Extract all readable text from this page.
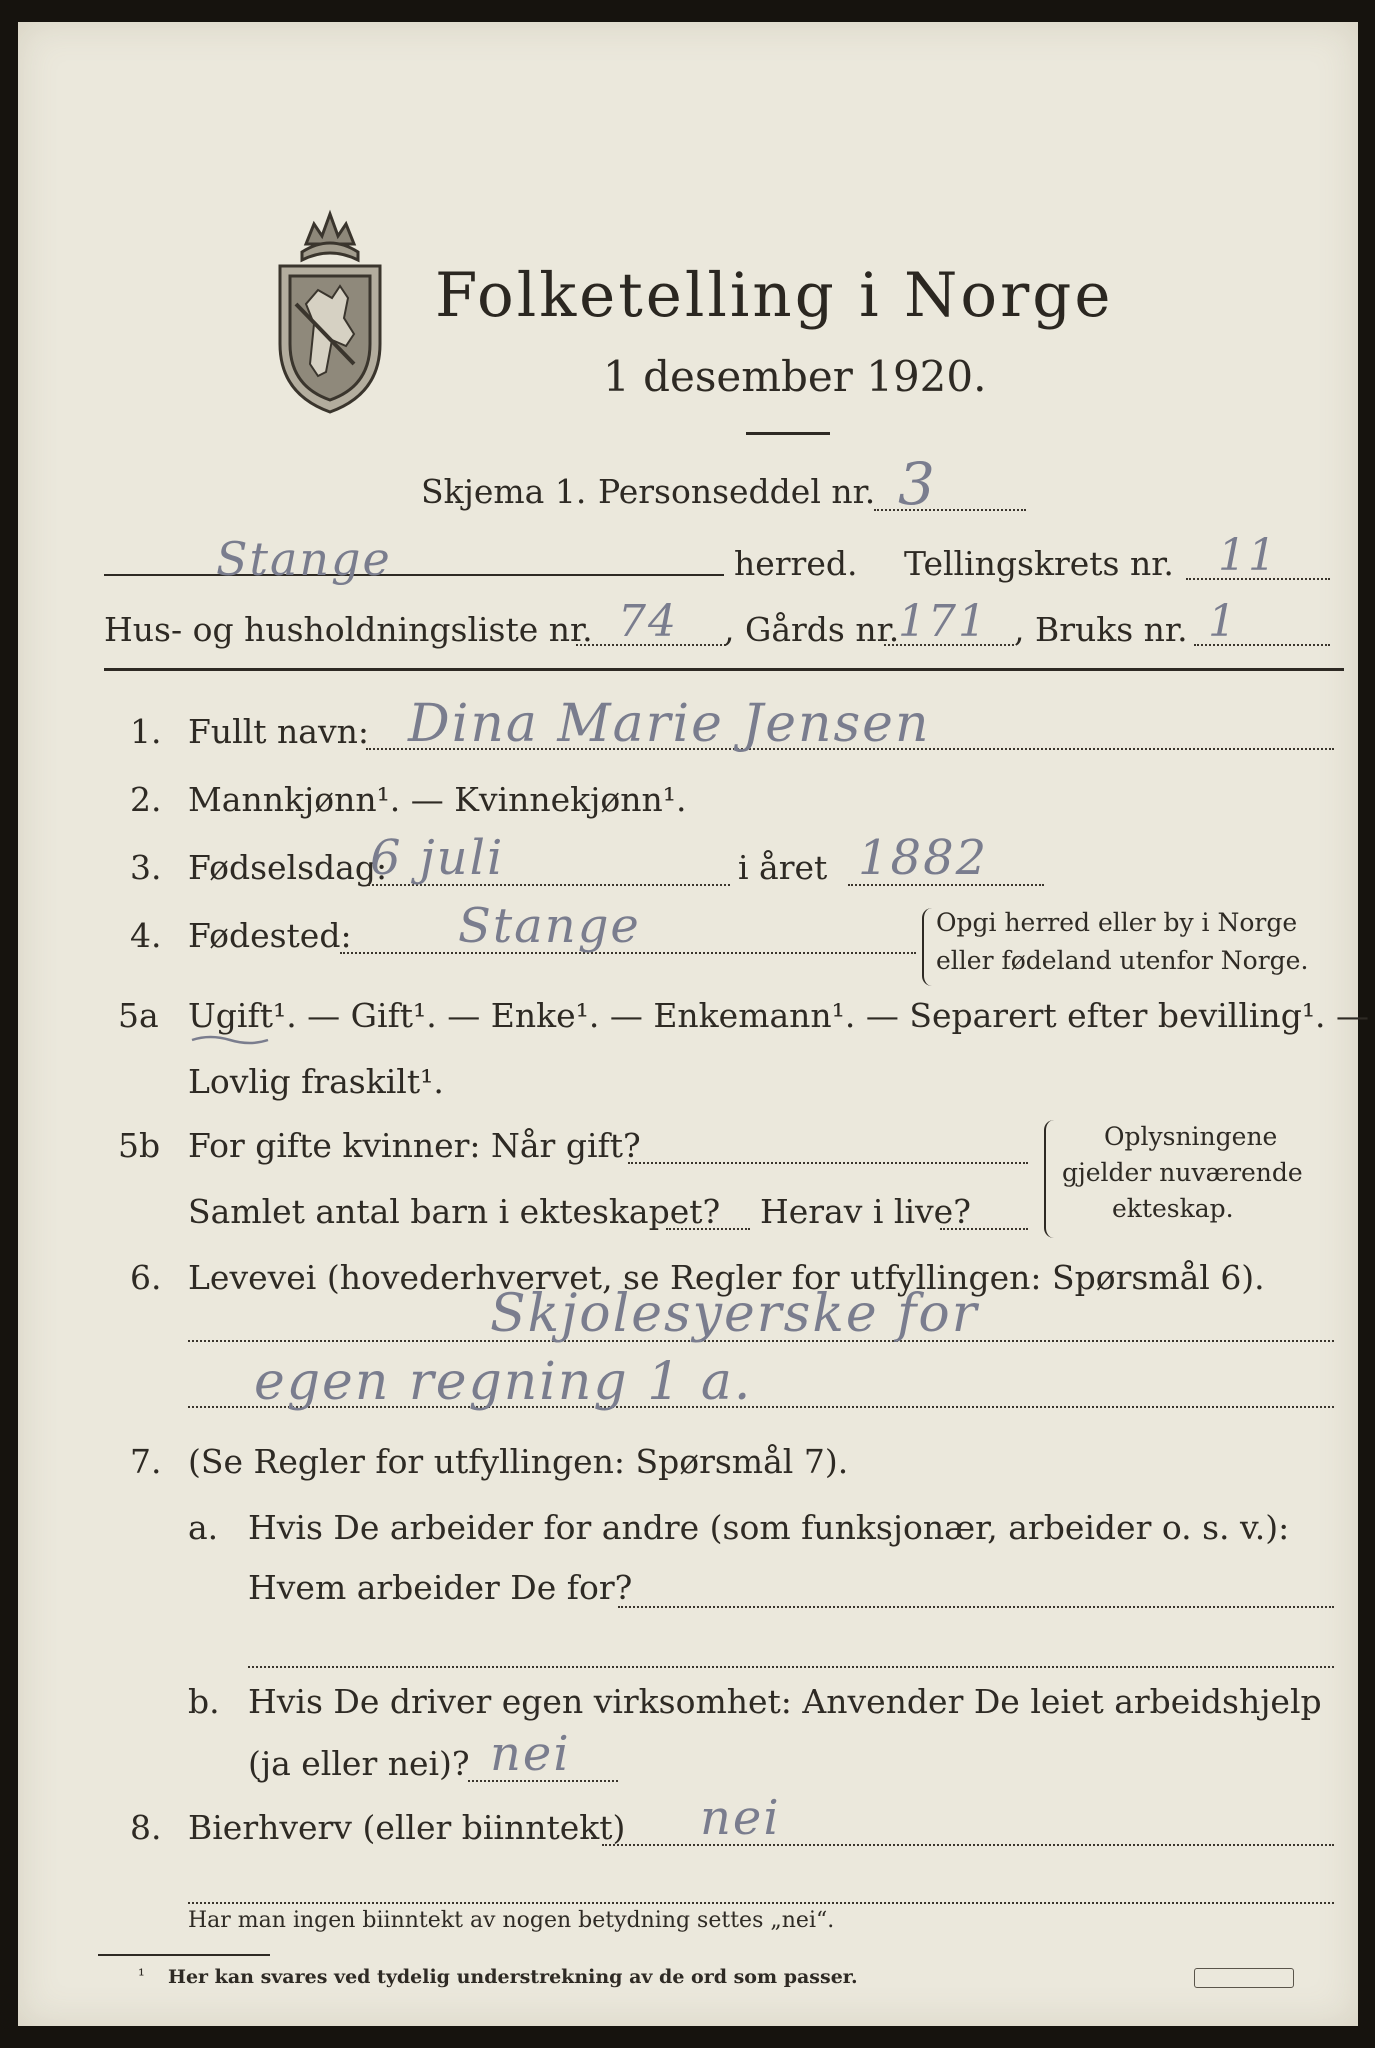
Folketelling i Norge
1 desember 1920.
Skjema 1. Personseddel nr. 3
Stange	herred. Tellingskrets nr. 11
Hus- og husholdningsliste nr. 74 , Gårds nr.
171 , Bruks nr. 1
1. Fullt navn: Dina Marie Jensen
2. Mannkjønn¹. — Kvinnekjønn¹.
3. Fødselsdag:
6 juli	i året 1882
4. Fødested: Stange	Opgi herred eller by i Norge
eller fødeland utenfor Norge.
5a Ugift¹. — Gift¹. — Enke¹. — Enkemann¹. — Separert efter bevilling¹. —
Lovlig fraskilt¹.
5b For gifte kvinner: Når gift?
Samlet antal barn i ekteskapet? Herav i live?
Oplysningene
gjelder nuværende
ekteskap.
6. Levevei (hovederhvervet, se Regler for utfyllingen: Spørsmål 6).
Skjolesyerske for
egen regning 1 a.
7. (Se Regler for utfyllingen: Spørsmål 7).
a. Hvis De arbeider for andre (som funksjonær, arbeider o. s. v.):
Hvem arbeider De for?
b. Hvis De driver egen virksomhet: Anvender De leiet arbeidshjelp
(ja eller nei)? nei
8. Bierhverv (eller biinntekt) nei
Har man ingen biinntekt av nogen betydning settes „nei“.
¹ Her kan svares ved tydelig understrekning av de ord som passer.
